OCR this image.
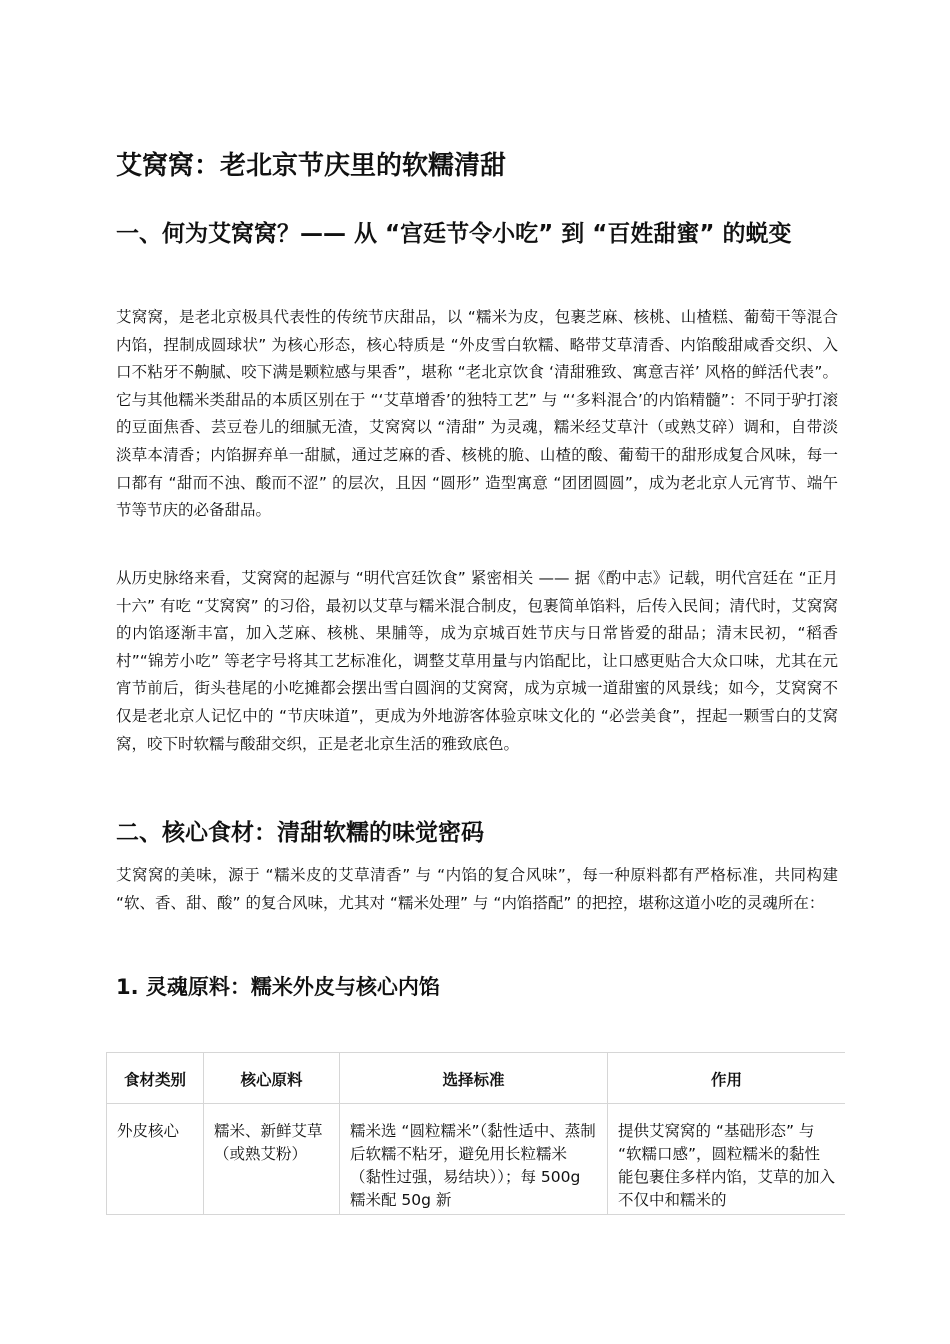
艾窝窝：老北京节庆里的软糯清甜
一、何为艾窝窝？—— 从 “宫廷节令小吃” 到 “百姓甜蜜” 的蜕变

艾窝窝，是老北京极具代表性的传统节庆甜品，以 “糯米为皮，包裹芝麻、核桃、山楂糕、葡萄干等混合内馅，捏制成圆球状” 为核心形态，核心特质是 “外皮雪白软糯、略带艾草清香、内馅酸甜咸香交织、入口不粘牙不齁腻、咬下满是颗粒感与果香”，堪称 “老北京饮食 ‘清甜雅致、寓意吉祥’ 风格的鲜活代表”。它与其他糯米类甜品的本质区别在于 “‘艾草增香’的独特工艺” 与 “‘多料混合’的内馅精髓”：不同于驴打滚的豆面焦香、芸豆卷儿的细腻无渣，艾窝窝以 “清甜” 为灵魂，糯米经艾草汁（或熟艾碎）调和，自带淡淡草本清香；内馅摒弃单一甜腻，通过芝麻的香、核桃的脆、山楂的酸、葡萄干的甜形成复合风味，每一口都有 “甜而不浊、酸而不涩” 的层次，且因 “圆形” 造型寓意 “团团圆圆”，成为老北京人元宵节、端午节等节庆的必备甜品。

从历史脉络来看，艾窝窝的起源与 “明代宫廷饮食” 紧密相关 —— 据《酌中志》记载，明代宫廷在 “正月十六” 有吃 “艾窝窝” 的习俗，最初以艾草与糯米混合制皮，包裹简单馅料，后传入民间；清代时，艾窝窝的内馅逐渐丰富，加入芝麻、核桃、果脯等，成为京城百姓节庆与日常皆爱的甜品；清末民初，“稻香村”“锦芳小吃” 等老字号将其工艺标准化，调整艾草用量与内馅配比，让口感更贴合大众口味，尤其在元宵节前后，街头巷尾的小吃摊都会摆出雪白圆润的艾窝窝，成为京城一道甜蜜的风景线；如今，艾窝窝不仅是老北京人记忆中的 “节庆味道”，更成为外地游客体验京味文化的 “必尝美食”，捏起一颗雪白的艾窝窝，咬下时软糯与酸甜交织，正是老北京生活的雅致底色。

二、核心食材：清甜软糯的味觉密码

艾窝窝的美味，源于 “糯米皮的艾草清香” 与 “内馅的复合风味”，每一种原料都有严格标准，共同构建 “软、香、甜、酸” 的复合风味，尤其对 “糯米处理” 与 “内馅搭配” 的把控，堪称这道小吃的灵魂所在：

1. 灵魂原料：糯米外皮与核心内馅
食材类别	核心原料	选择标准	作用
外皮核心	糯米、新鲜艾草（或熟艾粉）	糯米选 “圆粒糯米”（黏性适中、蒸制后软糯不粘牙，避免用长粒糯米（黏性过强，易结块））；每 500g 糯米配 50g 新	提供艾窝窝的 “基础形态” 与 “软糯口感”，圆粒糯米的黏性能包裹住多样内馅，艾草的加入不仅中和糯米的
